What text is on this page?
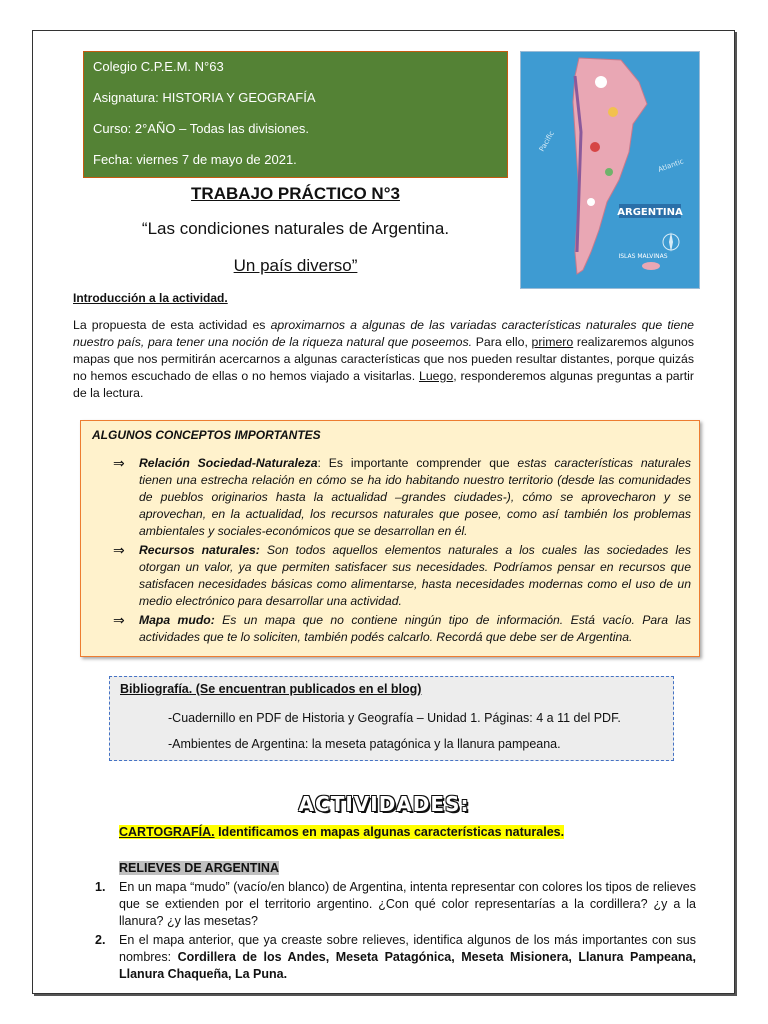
Colegio C.P.E.M. N°63
Asignatura: HISTORIA Y GEOGRAFÍA
Curso: 2°AÑO – Todas las divisiones.
Fecha: viernes 7 de mayo de 2021.
ARGENTINA
ISLAS MALVINAS
Pacific
Atlantic
TRABAJO PRÁCTICO N°3
“Las condiciones naturales de Argentina.
Un país diverso”
Introducción a la actividad.
La propuesta de esta actividad es aproximarnos a algunas de las variadas características naturales que tiene nuestro país, para tener una noción de la riqueza natural que poseemos. Para ello, primero realizaremos algunos mapas que nos permitirán acercarnos a algunas características que nos pueden resultar distantes, porque quizás no hemos escuchado de ellas o no hemos viajado a visitarlas. Luego, responderemos algunas preguntas a partir de la lectura.
ALGUNOS CONCEPTOS IMPORTANTES
⇒ Relación Sociedad-Naturaleza: Es importante comprender que estas características naturales tienen una estrecha relación en cómo se ha ido habitando nuestro territorio (desde las comunidades de pueblos originarios hasta la actualidad –grandes ciudades-), cómo se aprovecharon y se aprovechan, en la actualidad, los recursos naturales que posee, como así también los problemas ambientales y sociales-económicos que se desarrollan en él.
⇒ Recursos naturales: Son todos aquellos elementos naturales a los cuales las sociedades les otorgan un valor, ya que permiten satisfacer sus necesidades. Podríamos pensar en recursos que satisfacen necesidades básicas como alimentarse, hasta necesidades modernas como el uso de un medio electrónico para desarrollar una actividad.
⇒ Mapa mudo: Es un mapa que no contiene ningún tipo de información. Está vacío. Para las actividades que te lo soliciten, también podés calcarlo. Recordá que debe ser de Argentina.
Bibliografía. (Se encuentran publicados en el blog)
-Cuadernillo en PDF de Historia y Geografía – Unidad 1. Páginas: 4 a 11 del PDF.
-Ambientes de Argentina: la meseta patagónica y la llanura pampeana.
ACTIVIDADES:
CARTOGRAFÍA. Identificamos en mapas algunas características naturales.
RELIEVES DE ARGENTINA
1. En un mapa “mudo” (vacío/en blanco) de Argentina, intenta representar con colores los tipos de relieves que se extienden por el territorio argentino. ¿Con qué color representarías a la cordillera? ¿y a la llanura? ¿y las mesetas?
2. En el mapa anterior, que ya creaste sobre relieves, identifica algunos de los más importantes con sus nombres: Cordillera de los Andes, Meseta Patagónica, Meseta Misionera, Llanura Pampeana, Llanura Chaqueña, La Puna.
